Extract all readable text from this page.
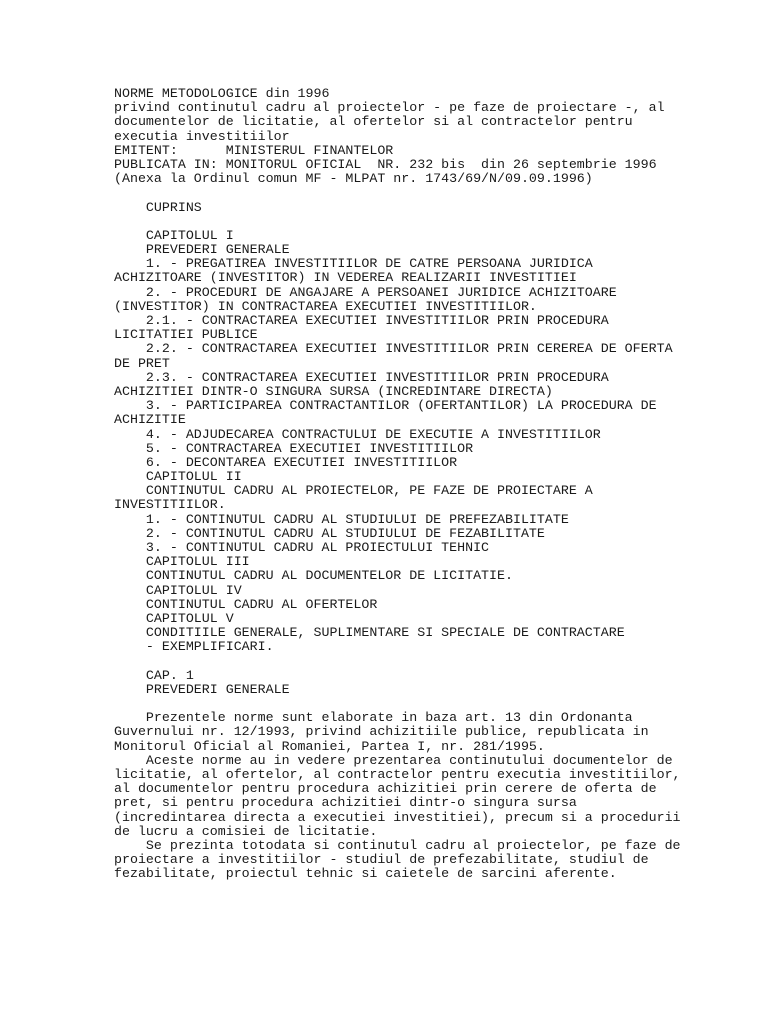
NORME METODOLOGICE din 1996
privind continutul cadru al proiectelor - pe faze de proiectare -, al
documentelor de licitatie, al ofertelor si al contractelor pentru
executia investitiilor
EMITENT:      MINISTERUL FINANTELOR
PUBLICATA IN: MONITORUL OFICIAL  NR. 232 bis  din 26 septembrie 1996
(Anexa la Ordinul comun MF - MLPAT nr. 1743/69/N/09.09.1996)
CUPRINS
CAPITOLUL I
PREVEDERI GENERALE
1. - PREGATIREA INVESTITIILOR DE CATRE PERSOANA JURIDICA
ACHIZITOARE (INVESTITOR) IN VEDEREA REALIZARII INVESTITIEI
2. - PROCEDURI DE ANGAJARE A PERSOANEI JURIDICE ACHIZITOARE
(INVESTITOR) IN CONTRACTAREA EXECUTIEI INVESTITIILOR.
2.1. - CONTRACTAREA EXECUTIEI INVESTITIILOR PRIN PROCEDURA
LICITATIEI PUBLICE
2.2. - CONTRACTAREA EXECUTIEI INVESTITIILOR PRIN CEREREA DE OFERTA
DE PRET
2.3. - CONTRACTAREA EXECUTIEI INVESTITIILOR PRIN PROCEDURA
ACHIZITIEI DINTR-O SINGURA SURSA (INCREDINTARE DIRECTA)
3. - PARTICIPAREA CONTRACTANTILOR (OFERTANTILOR) LA PROCEDURA DE
ACHIZITIE
4. - ADJUDECAREA CONTRACTULUI DE EXECUTIE A INVESTITIILOR
5. - CONTRACTAREA EXECUTIEI INVESTITIILOR
6. - DECONTAREA EXECUTIEI INVESTITIILOR
CAPITOLUL II
CONTINUTUL CADRU AL PROIECTELOR, PE FAZE DE PROIECTARE A
INVESTITIILOR.
1. - CONTINUTUL CADRU AL STUDIULUI DE PREFEZABILITATE
2. - CONTINUTUL CADRU AL STUDIULUI DE FEZABILITATE
3. - CONTINUTUL CADRU AL PROIECTULUI TEHNIC
CAPITOLUL III
CONTINUTUL CADRU AL DOCUMENTELOR DE LICITATIE.
CAPITOLUL IV
CONTINUTUL CADRU AL OFERTELOR
CAPITOLUL V
CONDITIILE GENERALE, SUPLIMENTARE SI SPECIALE DE CONTRACTARE
- EXEMPLIFICARI.
CAP. 1
PREVEDERI GENERALE
Prezentele norme sunt elaborate in baza art. 13 din Ordonanta
Guvernului nr. 12/1993, privind achizitiile publice, republicata in
Monitorul Oficial al Romaniei, Partea I, nr. 281/1995.
Aceste norme au in vedere prezentarea continutului documentelor de
licitatie, al ofertelor, al contractelor pentru executia investitiilor,
al documentelor pentru procedura achizitiei prin cerere de oferta de
pret, si pentru procedura achizitiei dintr-o singura sursa
(incredintarea directa a executiei investitiei), precum si a procedurii
de lucru a comisiei de licitatie.
Se prezinta totodata si continutul cadru al proiectelor, pe faze de
proiectare a investitiilor - studiul de prefezabilitate, studiul de
fezabilitate, proiectul tehnic si caietele de sarcini aferente.
